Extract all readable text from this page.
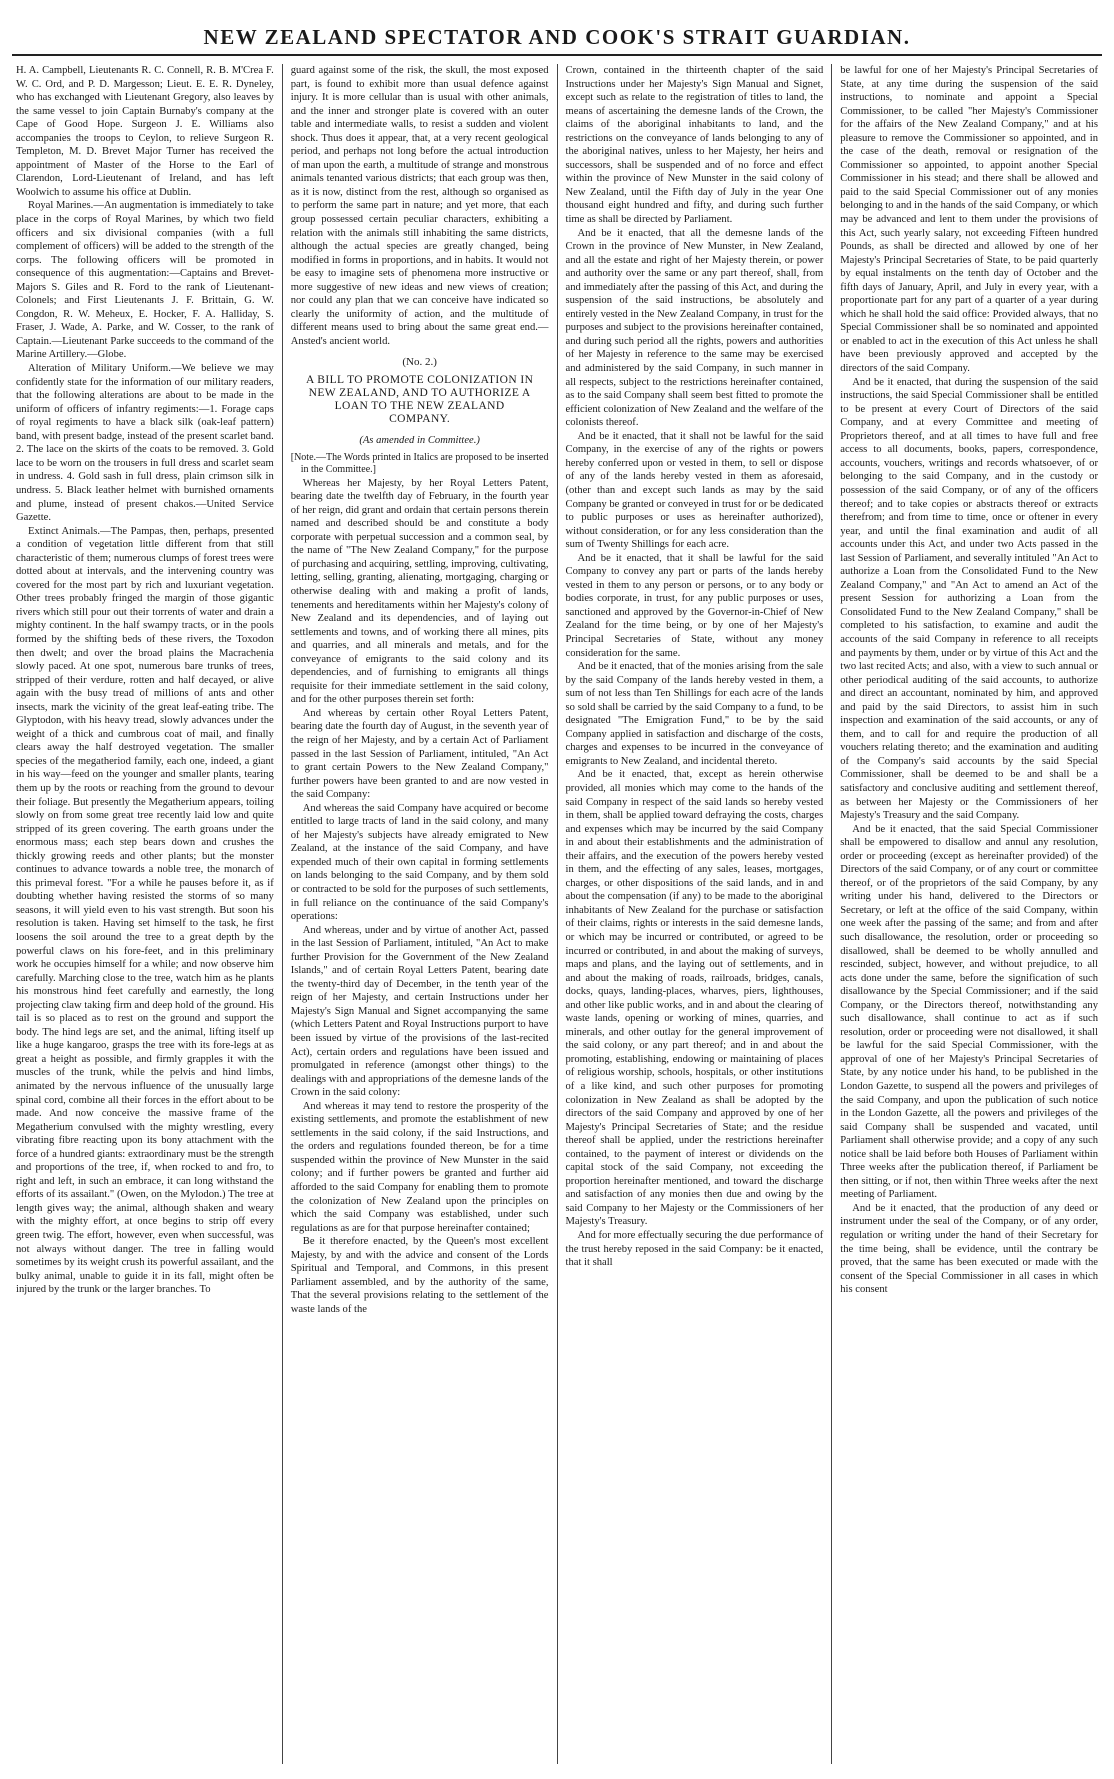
NEW ZEALAND SPECTATOR AND COOK'S STRAIT GUARDIAN.

H. A. Campbell, Lieutenants R. C. Connell, R. B. M'Crea F. W. C. Ord, and P. D. Margesson; Lieut. E. E. R. Dyneley, who has exchanged with Lieutenant Gregory, also leaves by the same vessel to join Captain Burnaby's company at the Cape of Good Hope. Surgeon J. E. Williams also accompanies the troops to Ceylon, to relieve Surgeon R. Templeton, M. D. Brevet Major Turner has received the appointment of Master of the Horse to the Earl of Clarendon, Lord-Lieutenant of Ireland, and has left Woolwich to assume his office at Dublin.

Royal Marines.—An augmentation is immediately to take place in the corps of Royal Marines, by which two field officers and six divisional companies (with a full complement of officers) will be added to the strength of the corps. The following officers will be promoted in consequence of this augmentation:—Captains and Brevet-Majors S. Giles and R. Ford to the rank of Lieutenant-Colonels; and First Lieutenants J. F. Brittain, G. W. Congdon, R. W. Meheux, E. Hocker, F. A. Halliday, S. Fraser, J. Wade, A. Parke, and W. Cosser, to the rank of Captain.—Lieutenant Parke succeeds to the command of the Marine Artillery.—Globe.

Alteration of Military Uniform.—We believe we may confidently state for the information of our military readers, that the following alterations are about to be made in the uniform of officers of infantry regiments:—1. Forage caps of royal regiments to have a black silk (oak-leaf pattern) band, with present badge, instead of the present scarlet band. 2. The lace on the skirts of the coats to be removed. 3. Gold lace to be worn on the trousers in full dress and scarlet seam in undress. 4. Gold sash in full dress, plain crimson silk in undress. 5. Black leather helmet with burnished ornaments and plume, instead of present chakos.—United Service Gazette.

Extinct Animals.—The Pampas, then, perhaps, presented a condition of vegetation little different from that still characteristic of them; numerous clumps of forest trees were dotted about at intervals, and the intervening country was covered for the most part by rich and luxuriant vegetation. Other trees probably fringed the margin of those gigantic rivers which still pour out their torrents of water and drain a mighty continent. In the half swampy tracts, or in the pools formed by the shifting beds of these rivers, the Toxodon then dwelt; and over the broad plains the Macrachenia slowly paced. At one spot, numerous bare trunks of trees, stripped of their verdure, rotten and half decayed, or alive again with the busy tread of millions of ants and other insects, mark the vicinity of the great leaf-eating tribe. The Glyptodon, with his heavy tread, slowly advances under the weight of a thick and cumbrous coat of mail, and finally clears away the half destroyed vegetation. The smaller species of the megatheriod family, each one, indeed, a giant in his way—feed on the younger and smaller plants, tearing them up by the roots or reaching from the ground to devour their foliage. But presently the Megatherium appears, toiling slowly on from some great tree recently laid low and quite stripped of its green covering. The earth groans under the enormous mass; each step bears down and crushes the thickly growing reeds and other plants; but the monster continues to advance towards a noble tree, the monarch of this primeval forest. "For a while he pauses before it, as if doubting whether having resisted the storms of so many seasons, it will yield even to his vast strength. But soon his resolution is taken. Having set himself to the task, he first loosens the soil around the tree to a great depth by the powerful claws on his fore-feet, and in this preliminary work he occupies himself for a while; and now observe him carefully. Marching close to the tree, watch him as he plants his monstrous hind feet carefully and earnestly, the long projecting claw taking firm and deep hold of the ground. His tail is so placed as to rest on the ground and support the body. The hind legs are set, and the animal, lifting itself up like a huge kangaroo, grasps the tree with its fore-legs at as great a height as possible, and firmly grapples it with the muscles of the trunk, while the pelvis and hind limbs, animated by the nervous influence of the unusually large spinal cord, combine all their forces in the effort about to be made. And now conceive the massive frame of the Megatherium convulsed with the mighty wrestling, every vibrating fibre reacting upon its bony attachment with the force of a hundred giants: extraordinary must be the strength and proportions of the tree, if, when rocked to and fro, to right and left, in such an embrace, it can long withstand the efforts of its assailant." (Owen, on the Mylodon.) The tree at length gives way; the animal, although shaken and weary with the mighty effort, at once begins to strip off every green twig. The effort, however, even when successful, was not always without danger. The tree in falling would sometimes by its weight crush its powerful assailant, and the bulky animal, unable to guide it in its fall, might often be injured by the trunk or the larger branches. To

guard against some of the risk, the skull, the most exposed part, is found to exhibit more than usual defence against injury. It is more cellular than is usual with other animals, and the inner and stronger plate is covered with an outer table and intermediate walls, to resist a sudden and violent shock. Thus does it appear, that, at a very recent geological period, and perhaps not long before the actual introduction of man upon the earth, a multitude of strange and monstrous animals tenanted various districts; that each group was then, as it is now, distinct from the rest, although so organised as to perform the same part in nature; and yet more, that each group possessed certain peculiar characters, exhibiting a relation with the animals still inhabiting the same districts, although the actual species are greatly changed, being modified in forms in proportions, and in habits. It would not be easy to imagine sets of phenomena more instructive or more suggestive of new ideas and new views of creation; nor could any plan that we can conceive have indicated so clearly the uniformity of action, and the multitude of different means used to bring about the same great end.—Ansted's ancient world.

(No. 2.)
A BILL TO PROMOTE COLONIZATION IN NEW ZEALAND, AND TO AUTHORIZE A LOAN TO THE NEW ZEALAND COMPANY.
(As amended in Committee.)

[Note.—The Words printed in Italics are proposed to be inserted in the Committee.]

Whereas her Majesty, by her Royal Letters Patent, bearing date the twelfth day of February, in the fourth year of her reign, did grant and ordain that certain persons therein named and described should be and constitute a body corporate with perpetual succession and a common seal, by the name of "The New Zealand Company," for the purpose of purchasing and acquiring, settling, improving, cultivating, letting, selling, granting, alienating, mortgaging, charging or otherwise dealing with and making a profit of lands, tenements and hereditaments within her Majesty's colony of New Zealand and its dependencies, and of laying out settlements and towns, and of working there all mines, pits and quarries, and all minerals and metals, and for the conveyance of emigrants to the said colony and its dependencies, and of furnishing to emigrants all things requisite for their immediate settlement in the said colony, and for the other purposes therein set forth:

And whereas by certain other Royal Letters Patent, bearing date the fourth day of August, in the seventh year of the reign of her Majesty, and by a certain Act of Parliament passed in the last Session of Parliament, intituled, "An Act to grant certain Powers to the New Zealand Company," further powers have been granted to and are now vested in the said Company:

And whereas the said Company have acquired or become entitled to large tracts of land in the said colony, and many of her Majesty's subjects have already emigrated to New Zealand, at the instance of the said Company, and have expended much of their own capital in forming settlements on lands belonging to the said Company, and by them sold or contracted to be sold for the purposes of such settlements, in full reliance on the continuance of the said Company's operations:

And whereas, under and by virtue of another Act, passed in the last Session of Parliament, intituled, "An Act to make further Provision for the Government of the New Zealand Islands," and of certain Royal Letters Patent, bearing date the twenty-third day of December, in the tenth year of the reign of her Majesty, and certain Instructions under her Majesty's Sign Manual and Signet accompanying the same (which Letters Patent and Royal Instructions purport to have been issued by virtue of the provisions of the last-recited Act), certain orders and regulations have been issued and promulgated in reference (amongst other things) to the dealings with and appropriations of the demesne lands of the Crown in the said colony:

And whereas it may tend to restore the prosperity of the existing settlements, and promote the establishment of new settlements in the said colony, if the said Instructions, and the orders and regulations founded thereon, be for a time suspended within the province of New Munster in the said colony; and if further powers be granted and further aid afforded to the said Company for enabling them to promote the colonization of New Zealand upon the principles on which the said Company was established, under such regulations as are for that purpose hereinafter contained;

Be it therefore enacted, by the Queen's most excellent Majesty, by and with the advice and consent of the Lords Spiritual and Temporal, and Commons, in this present Parliament assembled, and by the authority of the same, That the several provisions relating to the settlement of the waste lands of the

Crown, contained in the thirteenth chapter of the said Instructions under her Majesty's Sign Manual and Signet, except such as relate to the registration of titles to land, the means of ascertaining the demesne lands of the Crown, the claims of the aboriginal inhabitants to land, and the restrictions on the conveyance of lands belonging to any of the aboriginal natives, unless to her Majesty, her heirs and successors, shall be suspended and of no force and effect within the province of New Munster in the said colony of New Zealand, until the Fifth day of July in the year One thousand eight hundred and fifty, and during such further time as shall be directed by Parliament.

And be it enacted, that all the demesne lands of the Crown in the province of New Munster, in New Zealand, and all the estate and right of her Majesty therein, or power and authority over the same or any part thereof, shall, from and immediately after the passing of this Act, and during the suspension of the said instructions, be absolutely and entirely vested in the New Zealand Company, in trust for the purposes and subject to the provisions hereinafter contained, and during such period all the rights, powers and authorities of her Majesty in reference to the same may be exercised and administered by the said Company, in such manner in all respects, subject to the restrictions hereinafter contained, as to the said Company shall seem best fitted to promote the efficient colonization of New Zealand and the welfare of the colonists thereof.

And be it enacted, that it shall not be lawful for the said Company, in the exercise of any of the rights or powers hereby conferred upon or vested in them, to sell or dispose of any of the lands hereby vested in them as aforesaid, (other than and except such lands as may by the said Company be granted or conveyed in trust for or be dedicated to public purposes or uses as hereinafter authorized), without consideration, or for any less consideration than the sum of Twenty Shillings for each acre.

And be it enacted, that it shall be lawful for the said Company to convey any part or parts of the lands hereby vested in them to any person or persons, or to any body or bodies corporate, in trust, for any public purposes or uses, sanctioned and approved by the Governor-in-Chief of New Zealand for the time being, or by one of her Majesty's Principal Secretaries of State, without any money consideration for the same.

And be it enacted, that of the monies arising from the sale by the said Company of the lands hereby vested in them, a sum of not less than Ten Shillings for each acre of the lands so sold shall be carried by the said Company to a fund, to be designated "The Emigration Fund," to be by the said Company applied in satisfaction and discharge of the costs, charges and expenses to be incurred in the conveyance of emigrants to New Zealand, and incidental thereto.

And be it enacted, that, except as herein otherwise provided, all monies which may come to the hands of the said Company in respect of the said lands so hereby vested in them, shall be applied toward defraying the costs, charges and expenses which may be incurred by the said Company in and about their establishments and the administration of their affairs, and the execution of the powers hereby vested in them, and the effecting of any sales, leases, mortgages, charges, or other dispositions of the said lands, and in and about the compensation (if any) to be made to the aboriginal inhabitants of New Zealand for the purchase or satisfaction of their claims, rights or interests in the said demesne lands, or which may be incurred or contributed, or agreed to be incurred or contributed, in and about the making of surveys, maps and plans, and the laying out of settlements, and in and about the making of roads, railroads, bridges, canals, docks, quays, landing-places, wharves, piers, lighthouses, and other like public works, and in and about the clearing of waste lands, opening or working of mines, quarries, and minerals, and other outlay for the general improvement of the said colony, or any part thereof; and in and about the promoting, establishing, endowing or maintaining of places of religious worship, schools, hospitals, or other institutions of a like kind, and such other purposes for promoting colonization in New Zealand as shall be adopted by the directors of the said Company and approved by one of her Majesty's Principal Secretaries of State; and the residue thereof shall be applied, under the restrictions hereinafter contained, to the payment of interest or dividends on the capital stock of the said Company, not exceeding the proportion hereinafter mentioned, and toward the discharge and satisfaction of any monies then due and owing by the said Company to her Majesty or the Commissioners of her Majesty's Treasury.

And for more effectually securing the due performance of the trust hereby reposed in the said Company: be it enacted, that it shall

be lawful for one of her Majesty's Principal Secretaries of State, at any time during the suspension of the said instructions, to nominate and appoint a Special Commissioner, to be called "her Majesty's Commissioner for the affairs of the New Zealand Company," and at his pleasure to remove the Commissioner so appointed, and in the case of the death, removal or resignation of the Commissioner so appointed, to appoint another Special Commissioner in his stead; and there shall be allowed and paid to the said Special Commissioner out of any monies belonging to and in the hands of the said Company, or which may be advanced and lent to them under the provisions of this Act, such yearly salary, not exceeding Fifteen hundred Pounds, as shall be directed and allowed by one of her Majesty's Principal Secretaries of State, to be paid quarterly by equal instalments on the tenth day of October and the fifth days of January, April, and July in every year, with a proportionate part for any part of a quarter of a year during which he shall hold the said office: Provided always, that no Special Commissioner shall be so nominated and appointed or enabled to act in the execution of this Act unless he shall have been previously approved and accepted by the directors of the said Company.

And be it enacted, that during the suspension of the said instructions, the said Special Commissioner shall be entitled to be present at every Court of Directors of the said Company, and at every Committee and meeting of Proprietors thereof, and at all times to have full and free access to all documents, books, papers, correspondence, accounts, vouchers, writings and records whatsoever, of or belonging to the said Company, and in the custody or possession of the said Company, or of any of the officers thereof; and to take copies or abstracts thereof or extracts therefrom; and from time to time, once or oftener in every year, and until the final examination and audit of all accounts under this Act, and under two Acts passed in the last Session of Parliament, and severally intituled "An Act to authorize a Loan from the Consolidated Fund to the New Zealand Company," and "An Act to amend an Act of the present Session for authorizing a Loan from the Consolidated Fund to the New Zealand Company," shall be completed to his satisfaction, to examine and audit the accounts of the said Company in reference to all receipts and payments by them, under or by virtue of this Act and the two last recited Acts; and also, with a view to such annual or other periodical auditing of the said accounts, to authorize and direct an accountant, nominated by him, and approved and paid by the said Directors, to assist him in such inspection and examination of the said accounts, or any of them, and to call for and require the production of all vouchers relating thereto; and the examination and auditing of the Company's said accounts by the said Special Commissioner, shall be deemed to be and shall be a satisfactory and conclusive auditing and settlement thereof, as between her Majesty or the Commissioners of her Majesty's Treasury and the said Company.

And be it enacted, that the said Special Commissioner shall be empowered to disallow and annul any resolution, order or proceeding (except as hereinafter provided) of the Directors of the said Company, or of any court or committee thereof, or of the proprietors of the said Company, by any writing under his hand, delivered to the Directors or Secretary, or left at the office of the said Company, within one week after the passing of the same; and from and after such disallowance, the resolution, order or proceeding so disallowed, shall be deemed to be wholly annulled and rescinded, subject, however, and without prejudice, to all acts done under the same, before the signification of such disallowance by the Special Commissioner; and if the said Company, or the Directors thereof, notwithstanding any such disallowance, shall continue to act as if such resolution, order or proceeding were not disallowed, it shall be lawful for the said Special Commissioner, with the approval of one of her Majesty's Principal Secretaries of State, by any notice under his hand, to be published in the London Gazette, to suspend all the powers and privileges of the said Company, and upon the publication of such notice in the London Gazette, all the powers and privileges of the said Company shall be suspended and vacated, until Parliament shall otherwise provide; and a copy of any such notice shall be laid before both Houses of Parliament within Three weeks after the publication thereof, if Parliament be then sitting, or if not, then within Three weeks after the next meeting of Parliament.

And be it enacted, that the production of any deed or instrument under the seal of the Company, or of any order, regulation or writing under the hand of their Secretary for the time being, shall be evidence, until the contrary be proved, that the same has been executed or made with the consent of the Special Commissioner in all cases in which his consent
